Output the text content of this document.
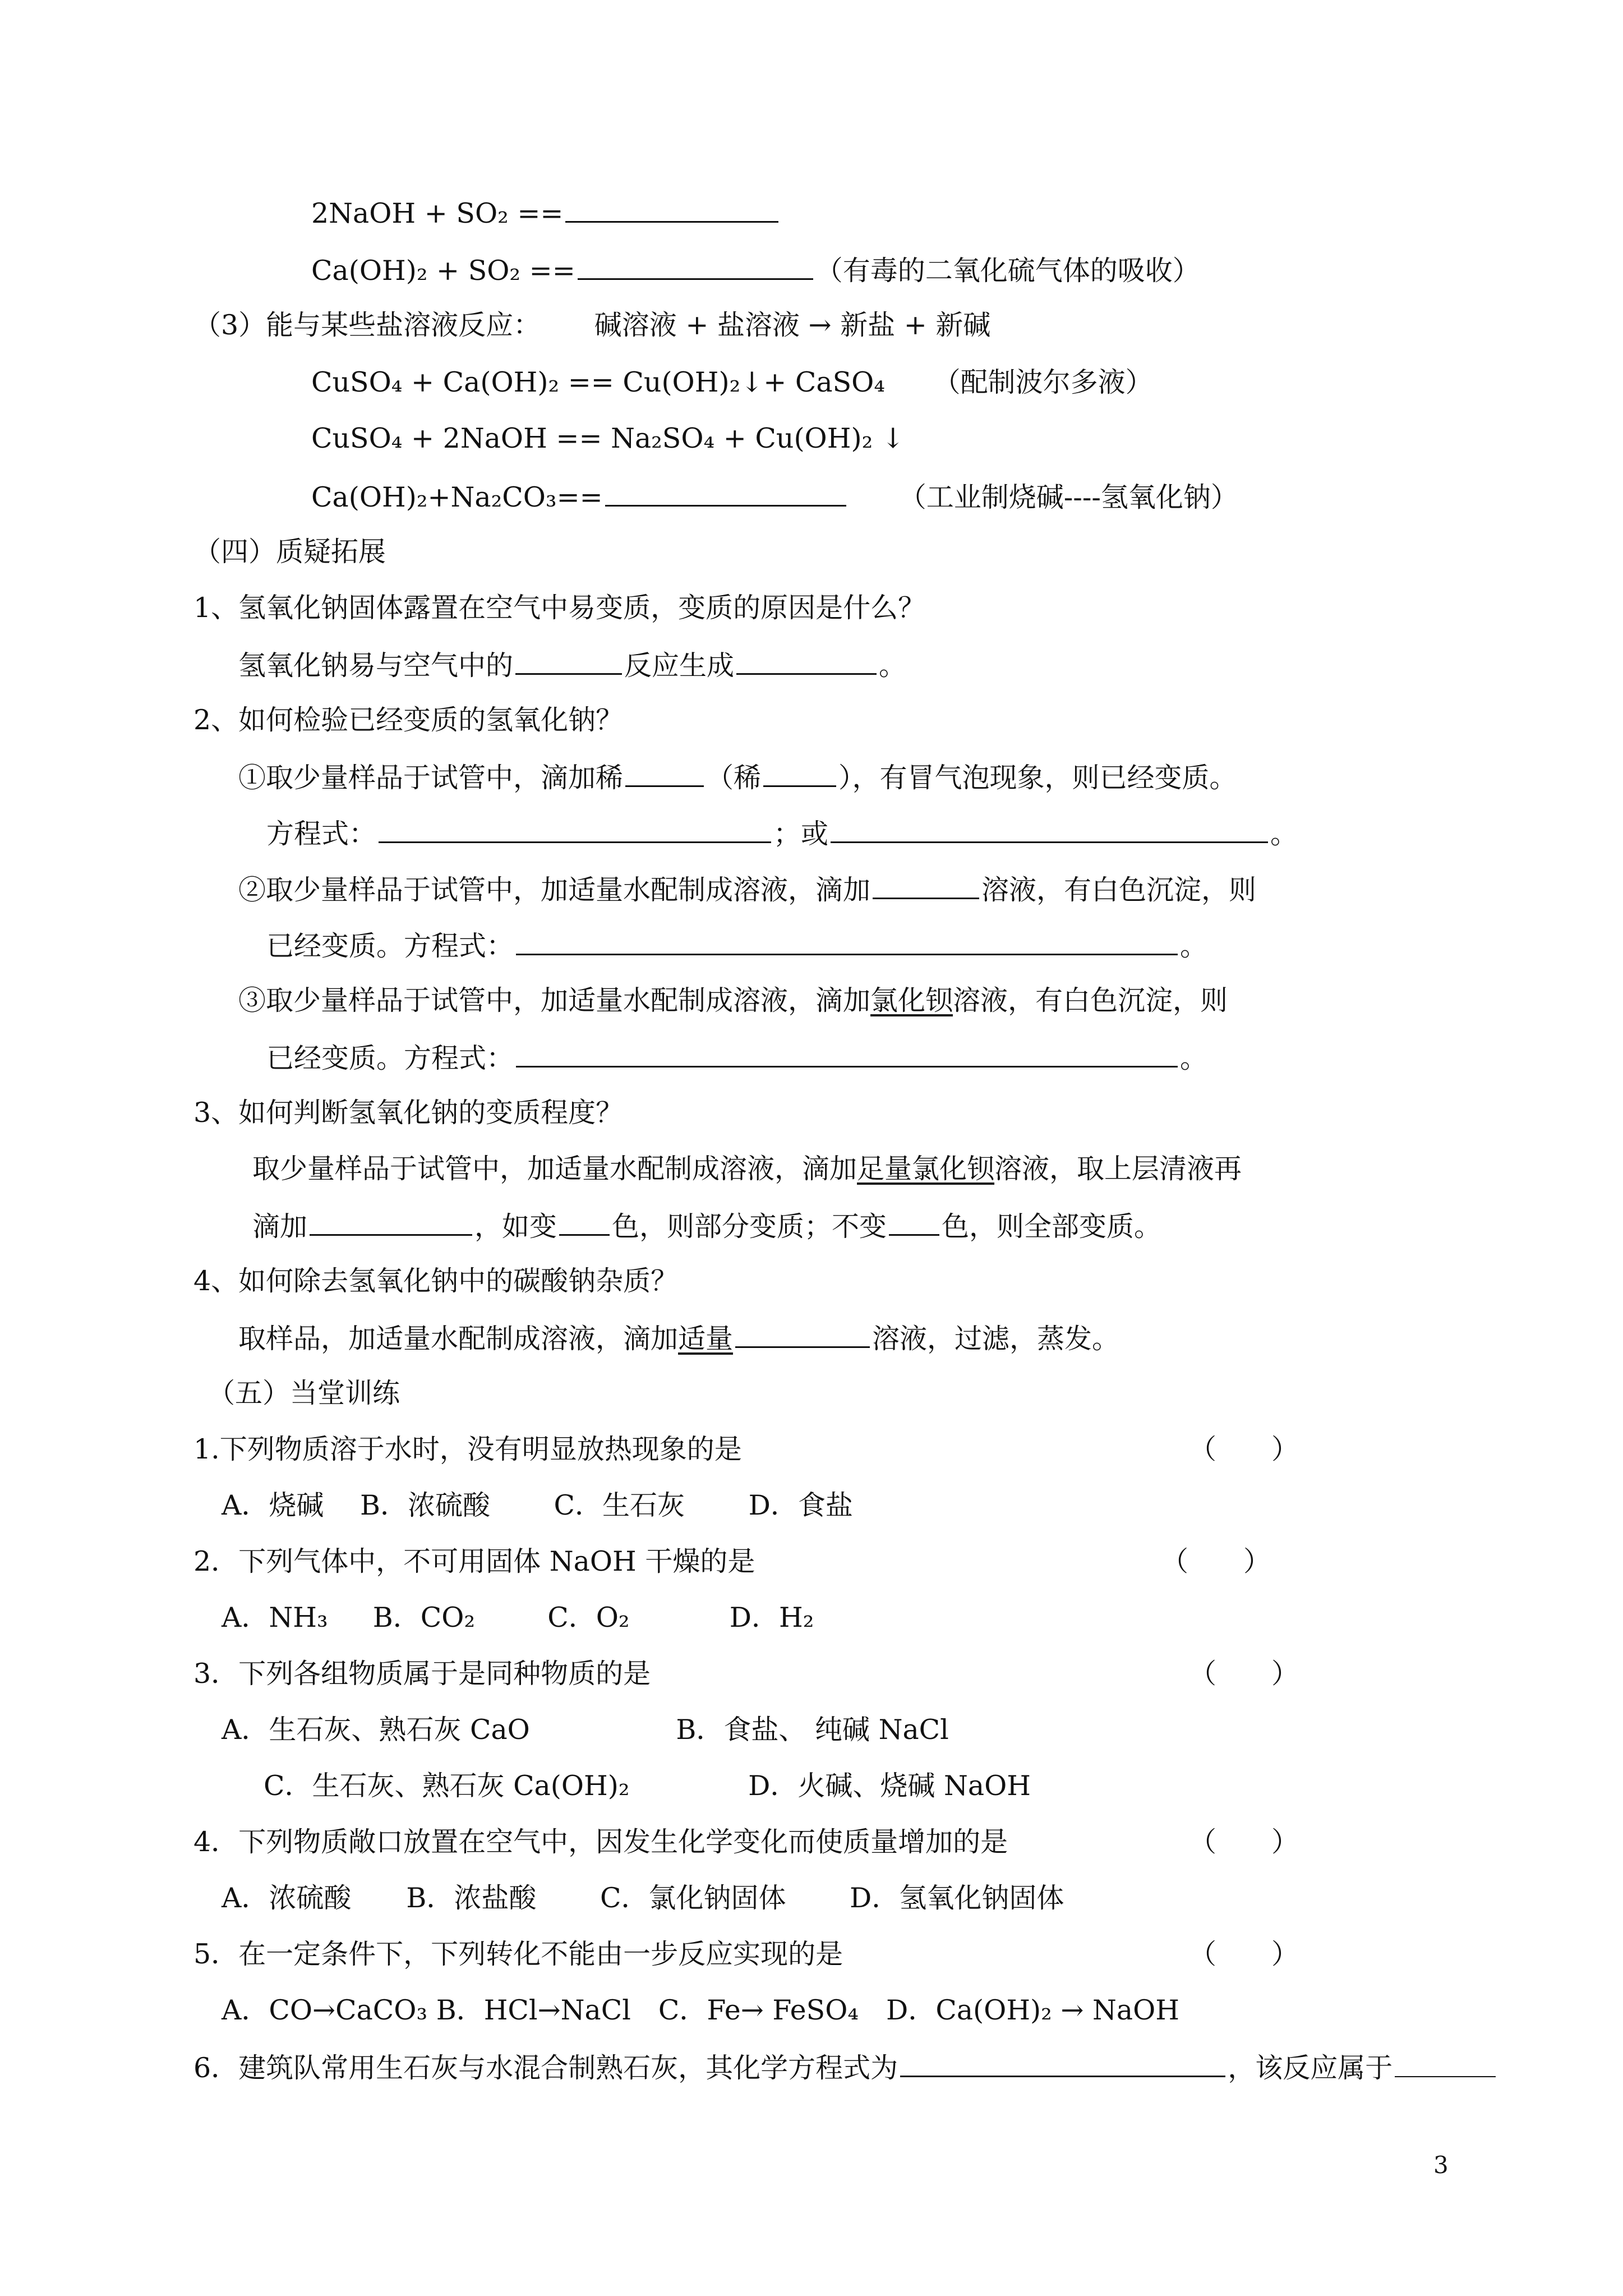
2NaOH + SO₂ ==
Ca(OH)₂ + SO₂ ==	（有毒的二氧化硫气体的吸收）
（3）能与某些盐溶液反应： 碱溶液 + 盐溶液 → 新盐 + 新碱
CuSO₄ + Ca(OH)₂ == Cu(OH)₂↓+ CaSO₄ （配制波尔多液）
CuSO₄ + 2NaOH == Na₂SO₄ + Cu(OH)₂ ↓
Ca(OH)₂+Na₂CO₃==	（工业制烧碱----氢氧化钠）
（四）质疑拓展
1、氢氧化钠固体露置在空气中易变质，变质的原因是什么？
氢氧化钠易与空气中的	反应生成	。
2、如何检验已经变质的氢氧化钠？
①取少量样品于试管中，滴加稀	（稀	），有冒气泡现象，则已经变质。
方程式：	；或	。
②取少量样品于试管中，加适量水配制成溶液，滴加	溶液，有白色沉淀，则
已经变质。方程式：	。
③取少量样品于试管中，加适量水配制成溶液，滴加氯化钡溶液，有白色沉淀，则
已经变质。方程式：	。
3、如何判断氢氧化钠的变质程度？
取少量样品于试管中，加适量水配制成溶液，滴加足量氯化钡溶液，取上层清液再
滴加	，如变 色，则部分变质；不变 色，则全部变质。
4、如何除去氢氧化钠中的碳酸钠杂质？
取样品，加适量水配制成溶液，滴加适量	溶液，过滤，蒸发。
（五）当堂训练
1.下列物质溶于水时，没有明显放热现象的是	（　　）
A．烧碱　 B．浓硫酸 　　C．生石灰　 　D．食盐
2．下列气体中，不可用固体 NaOH 干燥的是	（　　）
A．NH₃ 　 B．CO₂ 　　 C．O₂ 　　　 D．H₂
3．下列各组物质属于是同种物质的是	（　　）
A．生石灰、熟石灰 CaO　　　　　 B．食盐、 纯碱 NaCl
C．生石灰、熟石灰 Ca(OH)₂　　　　 D．火碱、烧碱 NaOH
4．下列物质敞口放置在空气中，因发生化学变化而使质量增加的是	（　　）
A．浓硫酸　　B．浓盐酸　　 C．氯化钠固体　　 D．氢氧化钠固体
5．在一定条件下，下列转化不能由一步反应实现的是	（　　）
A．CO→CaCO₃ B．HCl→NaCl　C．Fe→ FeSO₄　D．Ca(OH)₂ → NaOH
6．建筑队常用生石灰与水混合制熟石灰，其化学方程式为	，该反应属于
3
